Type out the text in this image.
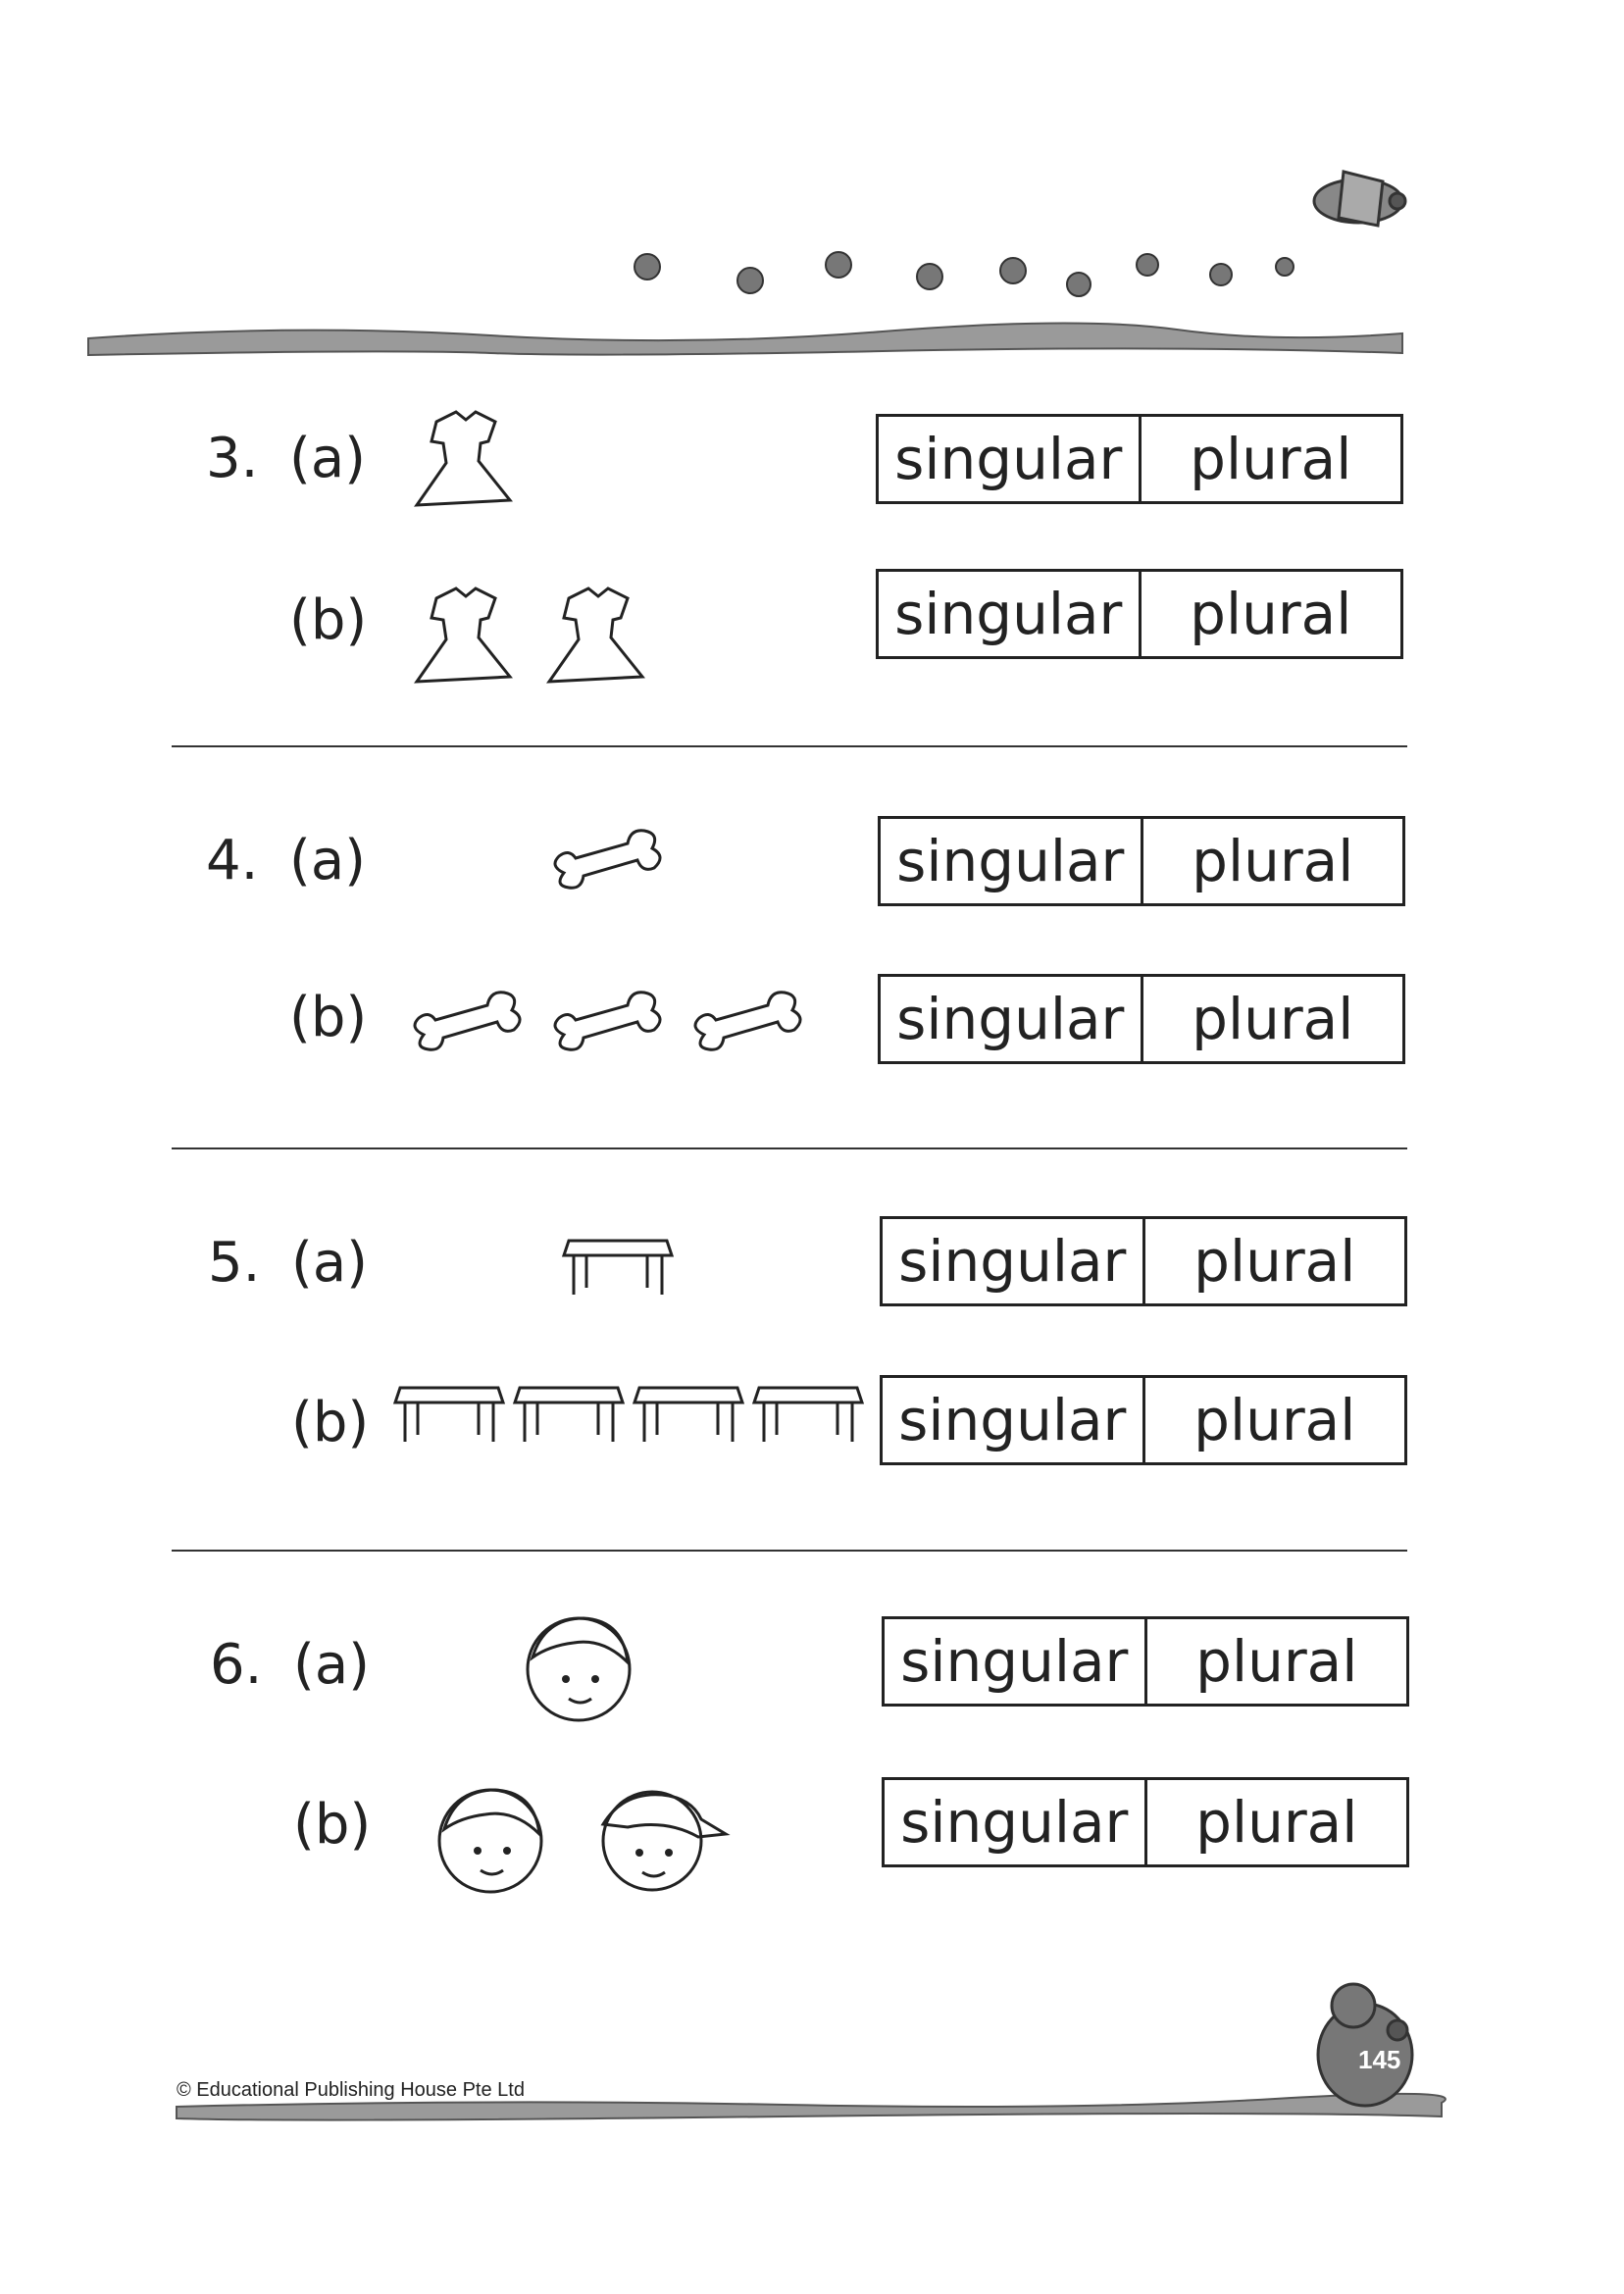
3. (a)	singular	plural
(b)	singular	plural
4. (a)	singular	plural
(b)	singular	plural
5. (a)	singular	plural
(b)	singular	plural
6. (a)	singular	plural
(b)	singular	plural
© Educational Publishing House Pte Ltd
145
